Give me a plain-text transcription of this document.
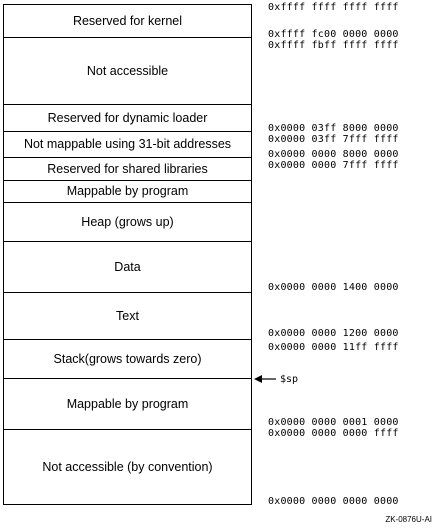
Reserved for kernel
Not accessible
Reserved for dynamic loader
Not mappable using 31-bit addresses
Reserved for shared libraries
Mappable by program
Heap (grows up)
Data
Text
Stack(grows towards zero)
Mappable by program
Not accessible (by convention)
0xffff ffff ffff ffff
0xffff fc00 0000 0000
0xffff fbff ffff ffff
0x0000 03ff 8000 0000
0x0000 03ff 7fff ffff
0x0000 0000 8000 0000
0x0000 0000 7fff ffff
0x0000 0000 1400 0000
0x0000 0000 1200 0000
0x0000 0000 11ff ffff
0x0000 0000 0001 0000
0x0000 0000 0000 ffff
0x0000 0000 0000 0000
$sp
ZK-0876U-AI
